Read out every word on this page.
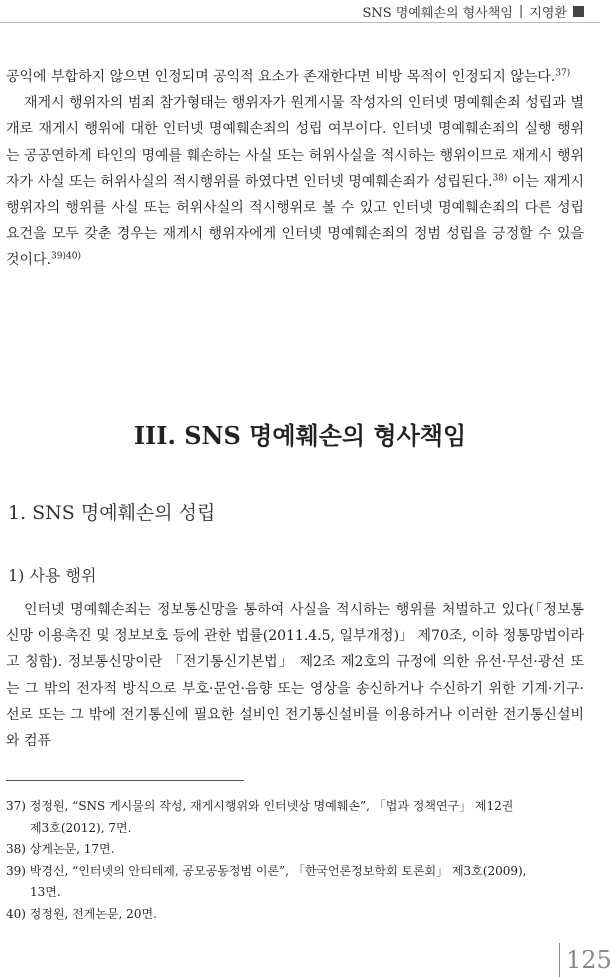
SNS 명예훼손의 형사책임 | 지영환

공익에 부합하지 않으면 인정되며 공익적 요소가 존재한다면 비방 목적이 인정되지 않는다.$^{37)}$

재게시 행위자의 범죄 참가형태는 행위자가 원게시물 작성자의 인터넷 명예훼손죄 성립과 별개로 재게시 행위에 대한 인터넷 명예훼손죄의 성립 여부이다. 인터넷 명예훼손죄의 실행 행위는 공공연하게 타인의 명예를 훼손하는 사실 또는 허위사실을 적시하는 행위이므로 재게시 행위자가 사실 또는 허위사실의 적시행위를 하였다면 인터넷 명예훼손죄가 성립된다.$^{38)}$ 이는 재게시 행위자의 행위를 사실 또는 허위사실의 적시행위로 볼 수 있고 인터넷 명예훼손죄의 다른 성립요건을 모두 갖춘 경우는 재게시 행위자에게 인터넷 명예훼손죄의 정범 성립을 긍정할 수 있을 것이다.$^{39)40)}$

III. SNS 명예훼손의 형사책임
1. SNS 명예훼손의 성립
1) 사용 행위

인터넷 명예훼손죄는 정보통신망을 통하여 사실을 적시하는 행위를 처벌하고 있다(「정보통신망 이용촉진 및 정보보호 등에 관한 법률(2011.4.5, 일부개정)」 제70조, 이하 정통망법이라고 칭함). 정보통신망이란 「전기통신기본법」 제2조 제2호의 규정에 의한 유선·무선·광선 또는 그 밖의 전자적 방식으로 부호·문언·음향 또는 영상을 송신하거나 수신하기 위한 기계·기구·선로 또는 그 밖에 전기통신에 필요한 설비인 전기통신설비를 이용하거나 이러한 전기통신설비와 컴퓨

37) 정정원, “SNS 게시물의 작성, 재게시행위와 인터넷상 명예훼손”, 「법과 정책연구」 제12권
제3호(2012), 7면.
38) 상게논문, 17면.
39) 박경신, “인터넷의 안티테제, 공모공동정범 이론”, 「한국언론정보학회 토론회」 제3호(2009),
13면.
40) 정정원, 전게논문, 20면.
125
